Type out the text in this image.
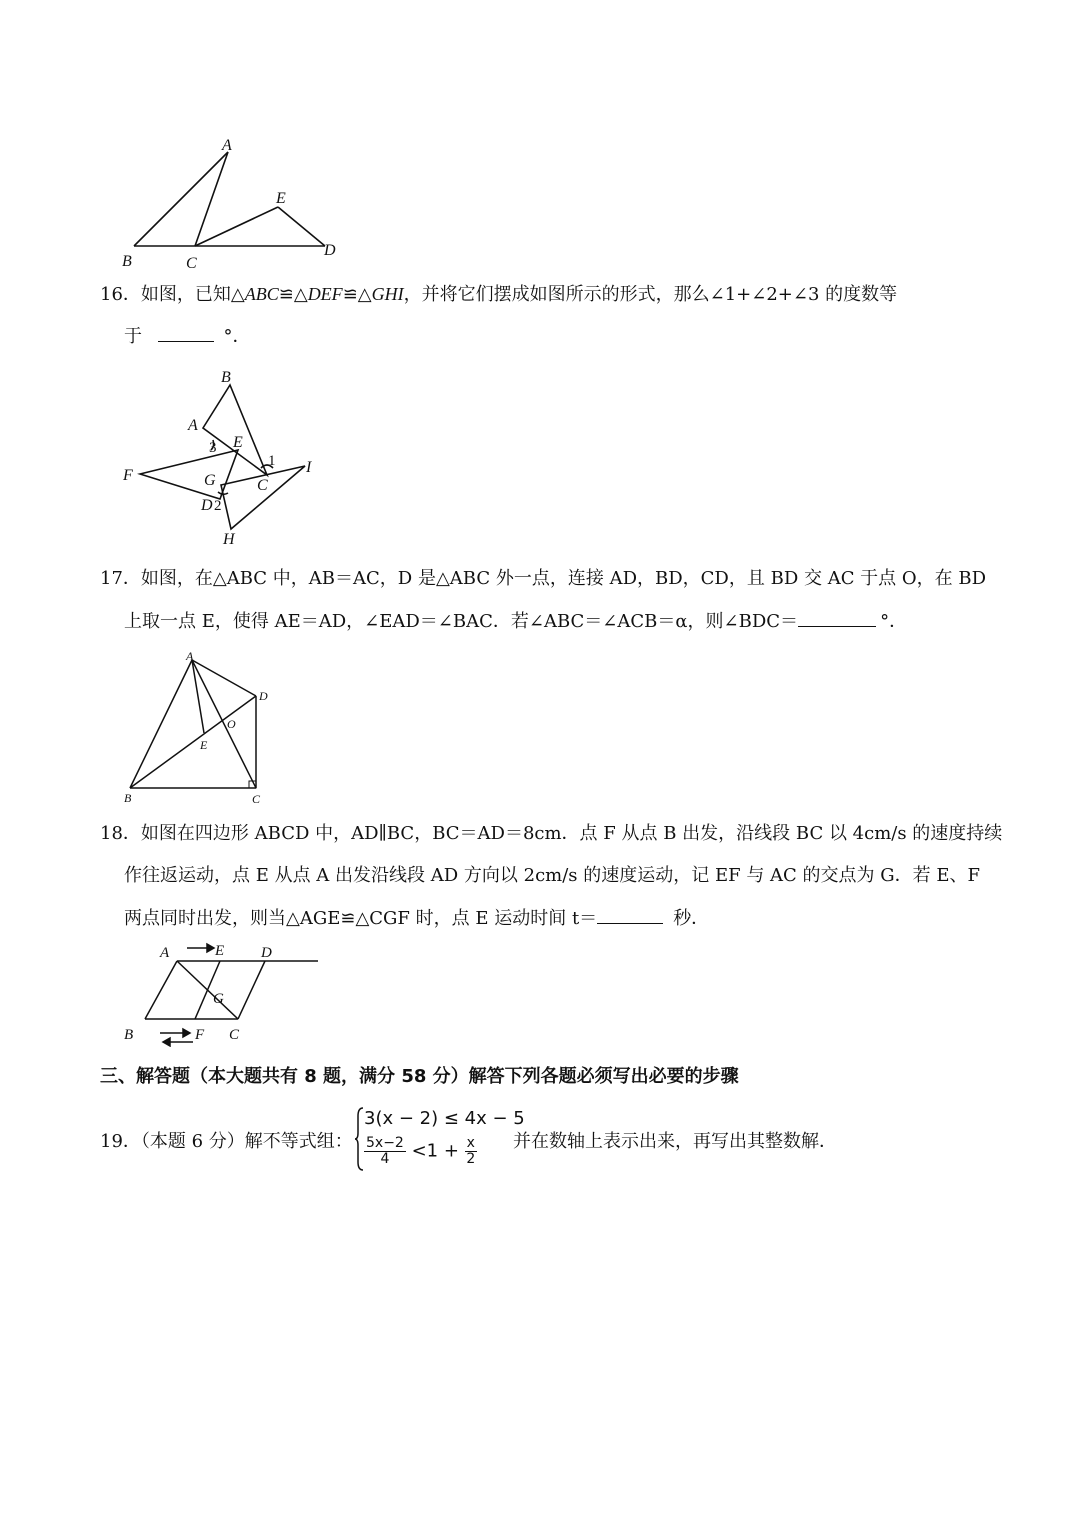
A
B	C
D
E
16．如图，已知△ABC≌△DEF≌△GHI，并将它们摆成如图所示的形式，那么∠1+∠2+∠3 的度数等
于	°．
B
A
3 E
1
F	I
G	C
D 2
H
17．如图，在△ABC 中，AB＝AC，D 是△ABC 外一点，连接 AD，BD，CD，且 BD 交 AC 于点 O，在 BD
上取一点 E，使得 AE＝AD，∠EAD＝∠BAC．若∠ABC＝∠ACB＝α，则∠BDC＝	°．
A
D
O
E
B	C
18．如图在四边形 ABCD 中，AD∥BC，BC＝AD＝8cm．点 F 从点 B 出发，沿线段 BC 以 4cm/s 的速度持续
作往返运动，点 E 从点 A 出发沿线段 AD 方向以 2cm/s 的速度运动，记 EF 与 AC 的交点为 G．若 E、F
两点同时出发，则当△AGE≌△CGF 时，点 E 运动时间 t＝	秒．
A	E D
G
B	F C
三、解答题（本大题共有 8 题，满分 58 分）解答下列各题必须写出必要的步骤
19．（本题 6 分）解不等式组：
3(x − 2) ≤ 4x − 5
$\frac{5x-2}{4} <1 + \frac{x}{2}$ 并在数轴上表示出来，再写出其整数解．
